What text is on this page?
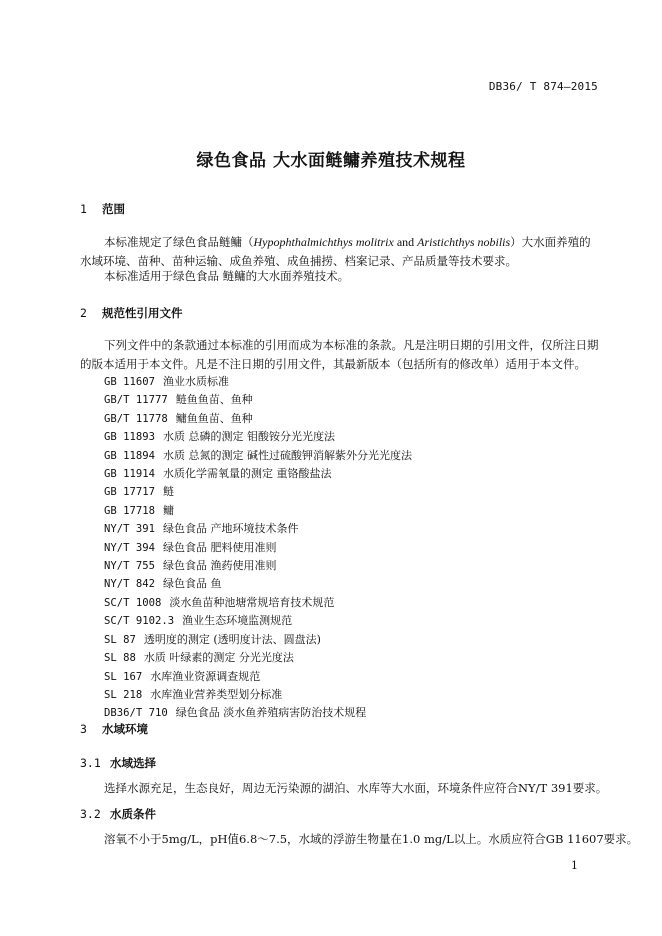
DB36/ T 874—2015
绿色食品 大水面鲢鳙养殖技术规程
1 范围
本标准规定了绿色食品鲢鳙（Hypophthalmichthys molitrix and Aristichthys nobilis）大水面养殖的水域环境、苗种、苗种运输、成鱼养殖、成鱼捕捞、档案记录、产品质量等技术要求。
本标准适用于绿色食品 鲢鳙的大水面养殖技术。
2 规范性引用文件
下列文件中的条款通过本标准的引用而成为本标准的条款。凡是注明日期的引用文件，仅所注日期的版本适用于本文件。凡是不注日期的引用文件，其最新版本（包括所有的修改单）适用于本文件。
GB 11607 渔业水质标准
GB/T 11777 鲢鱼鱼苗、鱼种
GB/T 11778 鳙鱼鱼苗、鱼种
GB 11893 水质 总磷的测定 钼酸铵分光光度法
GB 11894 水质 总氮的测定 碱性过硫酸钾消解紫外分光光度法
GB 11914 水质化学需氧量的测定 重铬酸盐法
GB 17717 鲢
GB 17718 鳙
NY/T 391 绿色食品 产地环境技术条件
NY/T 394 绿色食品 肥料使用准则
NY/T 755 绿色食品 渔药使用准则
NY/T 842 绿色食品 鱼
SC/T 1008 淡水鱼苗种池塘常规培育技术规范
SC/T 9102.3 渔业生态环境监测规范
SL 87 透明度的测定 (透明度计法、圆盘法)
SL 88 水质 叶绿素的测定 分光光度法
SL 167 水库渔业资源调查规范
SL 218 水库渔业营养类型划分标准
DB36/T 710 绿色食品 淡水鱼养殖病害防治技术规程
3 水域环境
3.1 水域选择
选择水源充足，生态良好，周边无污染源的湖泊、水库等大水面，环境条件应符合NY/T 391要求。
3.2 水质条件
溶氧不小于5mg/L，pH值6.8～7.5，水域的浮游生物量在1.0 mg/L以上。水质应符合GB 11607要求。
1
